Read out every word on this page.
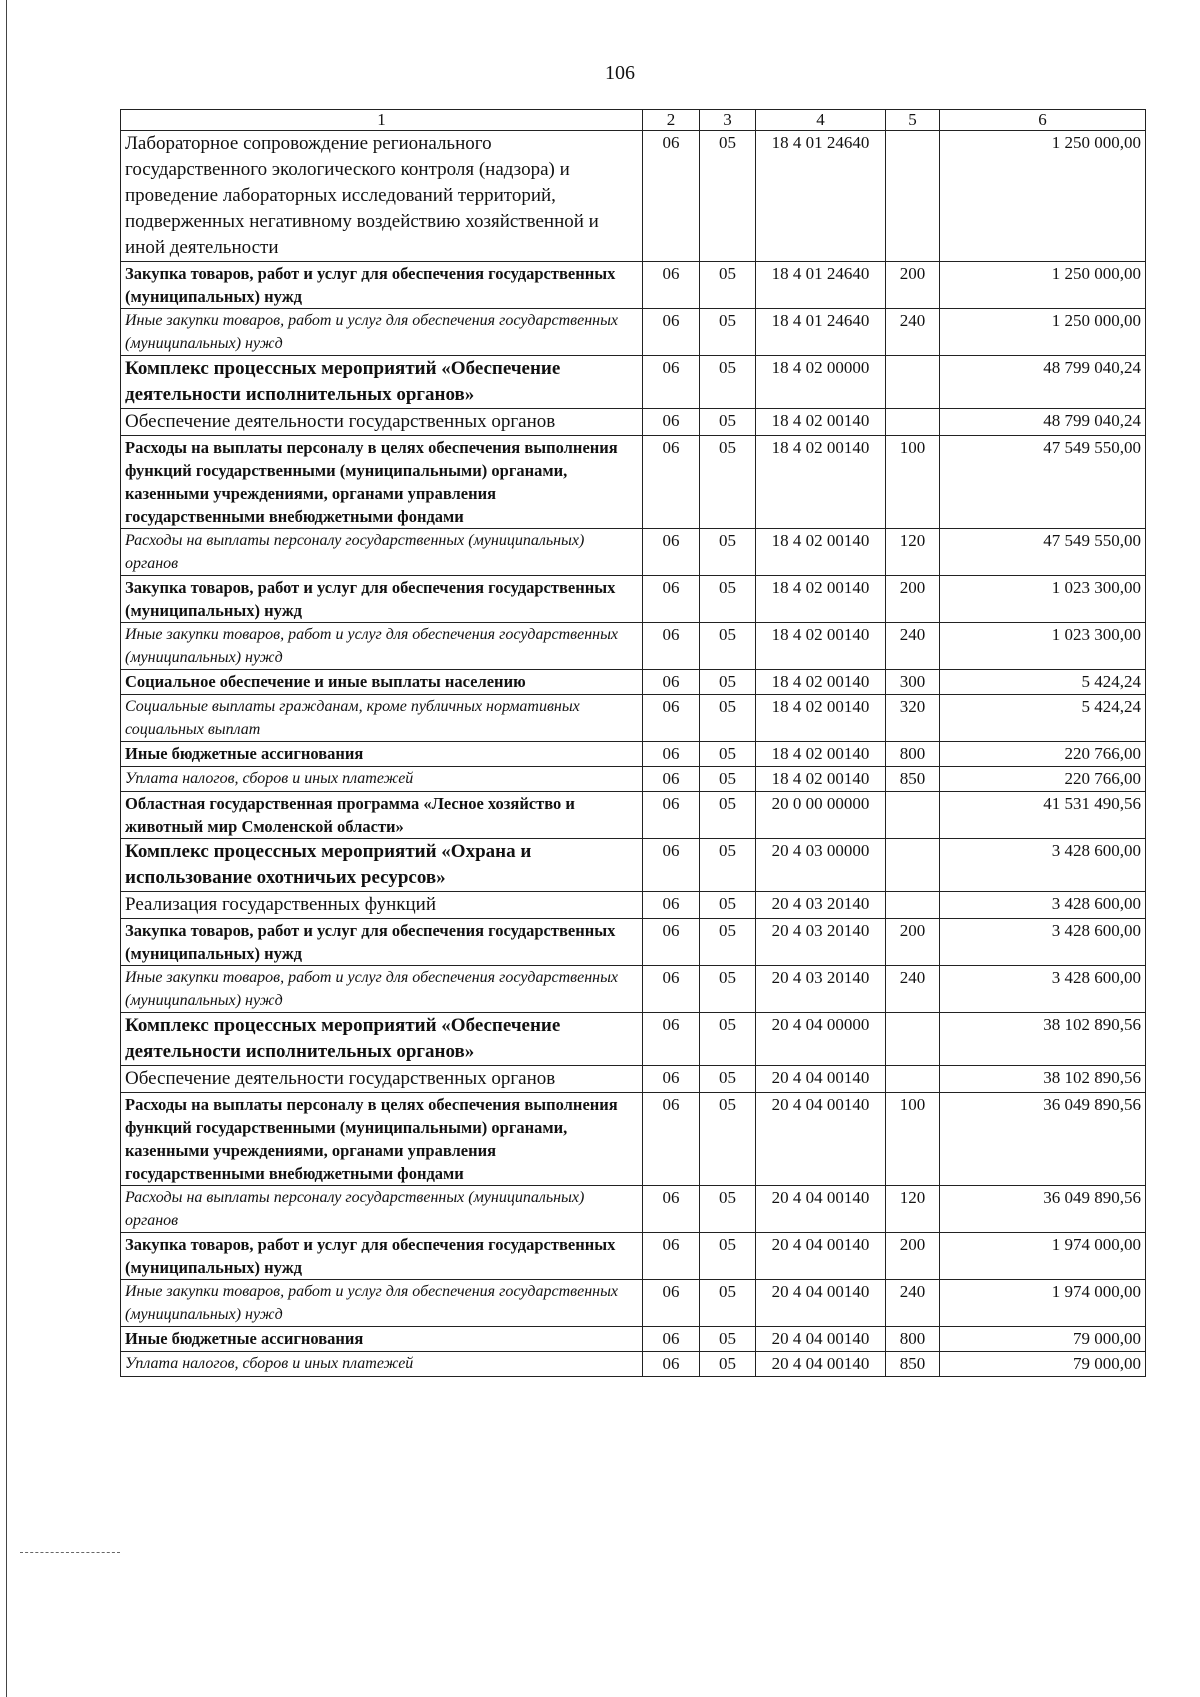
106
1	2	3	4	5	6
Лабораторное сопровождение регионального государственного экологического контроля (надзора) и проведение лабораторных исследований территорий, подверженных негативному воздействию хозяйственной и иной деятельности	06	05	18 4 01 24640		1 250 000,00
Закупка товаров, работ и услуг для обеспечения государственных (муниципальных) нужд	06	05	18 4 01 24640	200	1 250 000,00
Иные закупки товаров, работ и услуг для обеспечения государственных (муниципальных) нужд	06	05	18 4 01 24640	240	1 250 000,00
Комплекс процессных мероприятий «Обеспечение деятельности исполнительных органов»	06	05	18 4 02 00000		48 799 040,24
Обеспечение деятельности государственных органов	06	05	18 4 02 00140		48 799 040,24
Расходы на выплаты персоналу в целях обеспечения выполнения функций государственными (муниципальными) органами, казенными учреждениями, органами управления государственными внебюджетными фондами	06	05	18 4 02 00140	100	47 549 550,00
Расходы на выплаты персоналу государственных (муниципальных) органов	06	05	18 4 02 00140	120	47 549 550,00
Закупка товаров, работ и услуг для обеспечения государственных (муниципальных) нужд	06	05	18 4 02 00140	200	1 023 300,00
Иные закупки товаров, работ и услуг для обеспечения государственных (муниципальных) нужд	06	05	18 4 02 00140	240	1 023 300,00
Социальное обеспечение и иные выплаты населению	06	05	18 4 02 00140	300	5 424,24
Социальные выплаты гражданам, кроме публичных нормативных социальных выплат	06	05	18 4 02 00140	320	5 424,24
Иные бюджетные ассигнования	06	05	18 4 02 00140	800	220 766,00
Уплата налогов, сборов и иных платежей	06	05	18 4 02 00140	850	220 766,00
Областная государственная программа «Лесное хозяйство и животный мир Смоленской области»	06	05	20 0 00 00000		41 531 490,56
Комплекс процессных мероприятий «Охрана и использование охотничьих ресурсов»	06	05	20 4 03 00000		3 428 600,00
Реализация государственных функций	06	05	20 4 03 20140		3 428 600,00
Закупка товаров, работ и услуг для обеспечения государственных (муниципальных) нужд	06	05	20 4 03 20140	200	3 428 600,00
Иные закупки товаров, работ и услуг для обеспечения государственных (муниципальных) нужд	06	05	20 4 03 20140	240	3 428 600,00
Комплекс процессных мероприятий «Обеспечение деятельности исполнительных органов»	06	05	20 4 04 00000		38 102 890,56
Обеспечение деятельности государственных органов	06	05	20 4 04 00140		38 102 890,56
Расходы на выплаты персоналу в целях обеспечения выполнения функций государственными (муниципальными) органами, казенными учреждениями, органами управления государственными внебюджетными фондами	06	05	20 4 04 00140	100	36 049 890,56
Расходы на выплаты персоналу государственных (муниципальных) органов	06	05	20 4 04 00140	120	36 049 890,56
Закупка товаров, работ и услуг для обеспечения государственных (муниципальных) нужд	06	05	20 4 04 00140	200	1 974 000,00
Иные закупки товаров, работ и услуг для обеспечения государственных (муниципальных) нужд	06	05	20 4 04 00140	240	1 974 000,00
Иные бюджетные ассигнования	06	05	20 4 04 00140	800	79 000,00
Уплата налогов, сборов и иных платежей	06	05	20 4 04 00140	850	79 000,00
